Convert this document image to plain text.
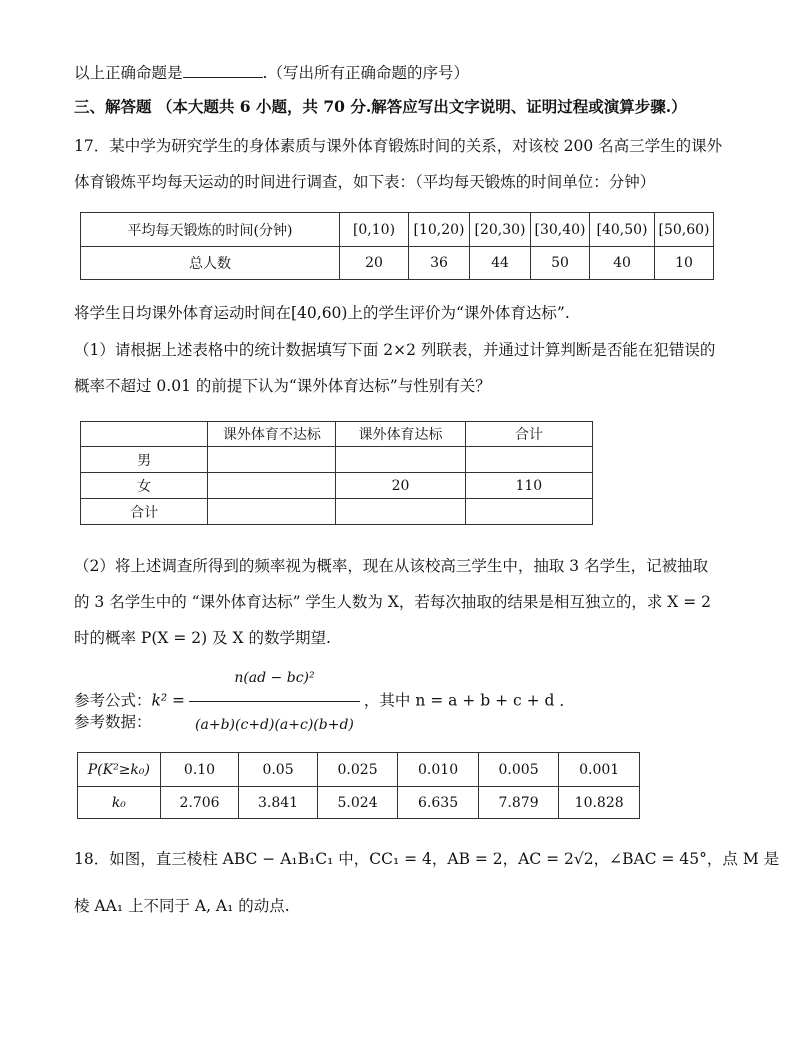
以上正确命题是	.（写出所有正确命题的序号）
三、解答题 （本大题共 6 小题，共 70 分.解答应写出文字说明、证明过程或演算步骤.）
17．某中学为研究学生的身体素质与课外体育锻炼时间的关系，对该校 200 名高三学生的课外
体育锻炼平均每天运动的时间进行调查，如下表：（平均每天锻炼的时间单位：分钟）
平均每天锻炼的时间(分钟)	[0,10)	[10,20)	[20,30)	[30,40)	[40,50)	[50,60)
总人数	20	36	44	50	40	10
将学生日均课外体育运动时间在[40,60)上的学生评价为“课外体育达标”.
（1）请根据上述表格中的统计数据填写下面 2×2 列联表，并通过计算判断是否能在犯错误的
概率不超过 0.01 的前提下认为“课外体育达标”与性别有关？
	课外体育不达标	课外体育达标	合计
男			
女		20	110
合计			
（2）将上述调查所得到的频率视为概率，现在从该校高三学生中，抽取 3 名学生，记被抽取
的 3 名学生中的 “课外体育达标” 学生人数为 X，若每次抽取的结果是相互独立的，求 X = 2
时的概率 P(X = 2) 及 X 的数学期望.
参考公式：$k^2 = \frac{\text{n(ad − bc)²}}{(a+b)(c+d)(a+c)(b+d)}$ ，其中 n = a + b + c + d ．
参考数据：
P(K²≥k₀)	0.10	0.05	0.025	0.010	0.005	0.001
k₀	2.706	3.841	5.024	6.635	7.879	10.828
18．如图，直三棱柱 ABC − A₁B₁C₁ 中，CC₁ = 4，AB = 2，AC = 2√2，∠BAC = 45°，点 M 是
棱 AA₁ 上不同于 A, A₁ 的动点.
